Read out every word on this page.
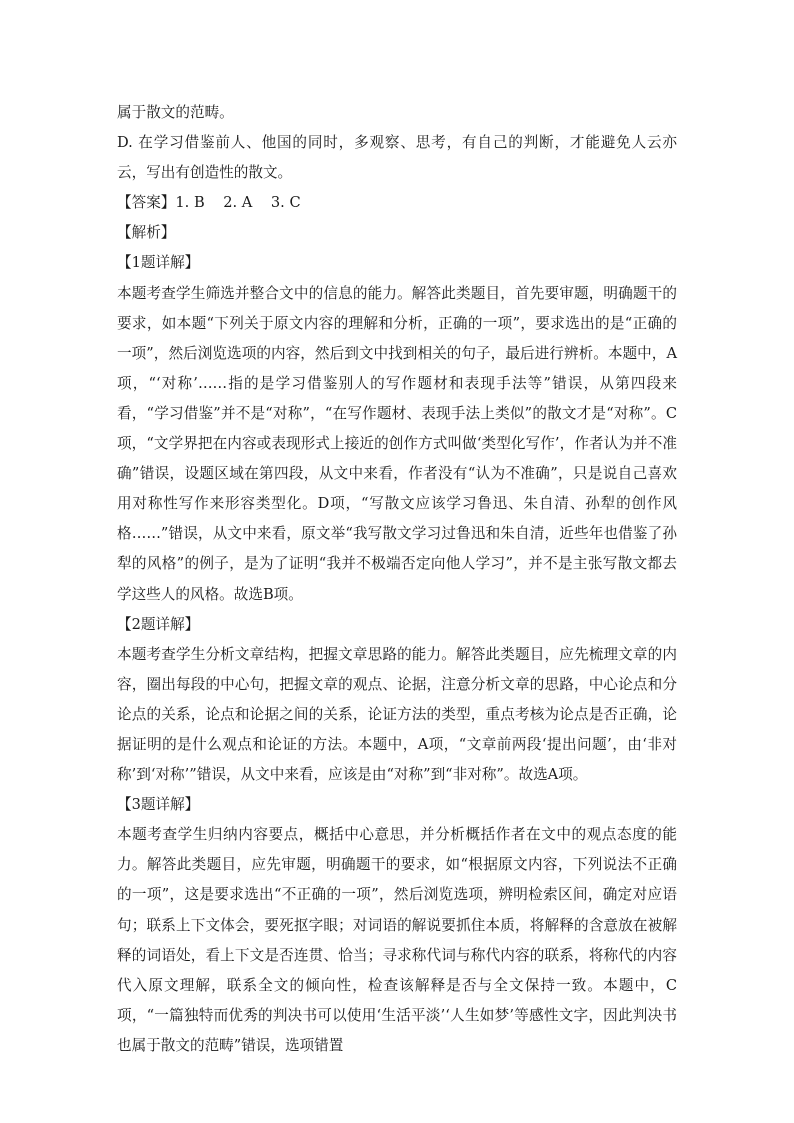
属于散文的范畴。

D. 在学习借鉴前人、他国的同时，多观察、思考，有自己的判断，才能避免人云亦云，写出有创造性的散文。

【答案】1. B    2. A    3. C

【解析】

【1题详解】

本题考查学生筛选并整合文中的信息的能力。解答此类题目，首先要审题，明确题干的要求，如本题“下列关于原文内容的理解和分析，正确的一项”，要求选出的是“正确的一项”，然后浏览选项的内容，然后到文中找到相关的句子，最后进行辨析。本题中，A项，“‘对称’……指的是学习借鉴别人的写作题材和表现手法等”错误，从第四段来看，“学习借鉴”并不是“对称”，“在写作题材、表现手法上类似”的散文才是“对称”。C项，“文学界把在内容或表现形式上接近的创作方式叫做‘类型化写作’，作者认为并不准确”错误，设题区域在第四段，从文中来看，作者没有“认为不准确”，只是说自己喜欢用对称性写作来形容类型化。D项，“写散文应该学习鲁迅、朱自清、孙犁的创作风格……”错误，从文中来看，原文举“我写散文学习过鲁迅和朱自清，近些年也借鉴了孙犁的风格”的例子，是为了证明“我并不极端否定向他人学习”，并不是主张写散文都去学这些人的风格。故选B项。

【2题详解】

本题考查学生分析文章结构，把握文章思路的能力。解答此类题目，应先梳理文章的内容，圈出每段的中心句，把握文章的观点、论据，注意分析文章的思路，中心论点和分论点的关系，论点和论据之间的关系，论证方法的类型，重点考核为论点是否正确，论据证明的是什么观点和论证的方法。本题中，A项，“文章前两段‘提出问题’，由‘非对称’到‘对称’”错误，从文中来看，应该是由“对称”到“非对称”。故选A项。

【3题详解】

本题考查学生归纳内容要点，概括中心意思，并分析概括作者在文中的观点态度的能力。解答此类题目，应先审题，明确题干的要求，如“根据原文内容，下列说法不正确的一项”，这是要求选出“不正确的一项”，然后浏览选项，辨明检索区间，确定对应语句；联系上下文体会，要死抠字眼；对词语的解说要抓住本质，将解释的含意放在被解释的词语处，看上下文是否连贯、恰当；寻求称代词与称代内容的联系，将称代的内容代入原文理解，联系全文的倾向性，检查该解释是否与全文保持一致。本题中，C项，“一篇独特而优秀的判决书可以使用‘生活平淡’‘人生如梦’等感性文字，因此判决书也属于散文的范畴”错误，选项错置
